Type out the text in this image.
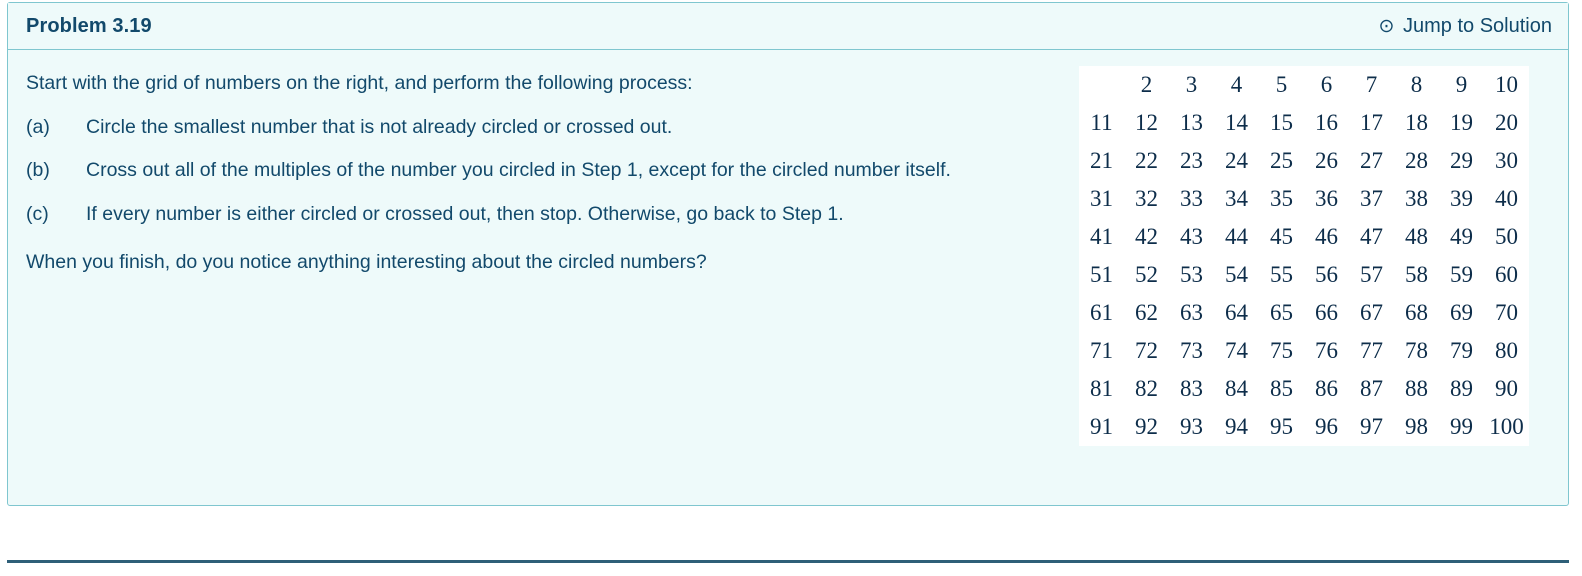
Problem 3.19	⊙ Jump to Solution

Start with the grid of numbers on the right, and perform the following process:

(a)	Circle the smallest number that is not already circled or crossed out.
(b)	Cross out all of the multiples of the number you circled in Step 1, except for the circled number itself.
(c)	If every number is either circled or crossed out, then stop. Otherwise, go back to Step 1.

When you finish, do you notice anything interesting about the circled numbers?

	2	3	4	5	6	7	8	9	10
11	12	13	14	15	16	17	18	19	20
21	22	23	24	25	26	27	28	29	30
31	32	33	34	35	36	37	38	39	40
41	42	43	44	45	46	47	48	49	50
51	52	53	54	55	56	57	58	59	60
61	62	63	64	65	66	67	68	69	70
71	72	73	74	75	76	77	78	79	80
81	82	83	84	85	86	87	88	89	90
91	92	93	94	95	96	97	98	99	100
